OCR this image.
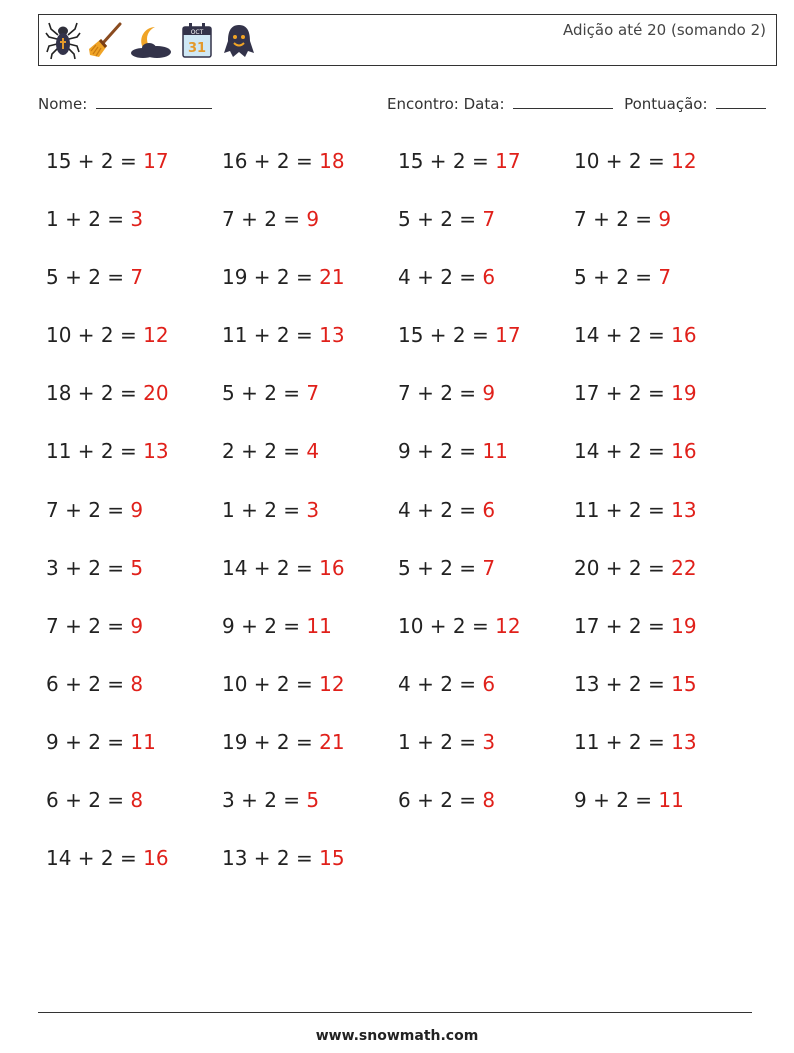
OCT
31
Adição até 20 (somando 2)
Nome:	Encontro: Data:	Pontuação:
15 + 2 = 17	16 + 2 = 18	15 + 2 = 17	10 + 2 = 12
1 + 2 = 3	7 + 2 = 9	5 + 2 = 7	7 + 2 = 9
5 + 2 = 7	19 + 2 = 21	4 + 2 = 6	5 + 2 = 7
10 + 2 = 12	11 + 2 = 13	15 + 2 = 17	14 + 2 = 16
18 + 2 = 20	5 + 2 = 7	7 + 2 = 9	17 + 2 = 19
11 + 2 = 13	2 + 2 = 4	9 + 2 = 11	14 + 2 = 16
7 + 2 = 9	1 + 2 = 3	4 + 2 = 6	11 + 2 = 13
3 + 2 = 5	14 + 2 = 16	5 + 2 = 7	20 + 2 = 22
7 + 2 = 9	9 + 2 = 11	10 + 2 = 12	17 + 2 = 19
6 + 2 = 8	10 + 2 = 12	4 + 2 = 6	13 + 2 = 15
9 + 2 = 11	19 + 2 = 21	1 + 2 = 3	11 + 2 = 13
6 + 2 = 8	3 + 2 = 5	6 + 2 = 8	9 + 2 = 11
14 + 2 = 16	13 + 2 = 15
www.snowmath.com
